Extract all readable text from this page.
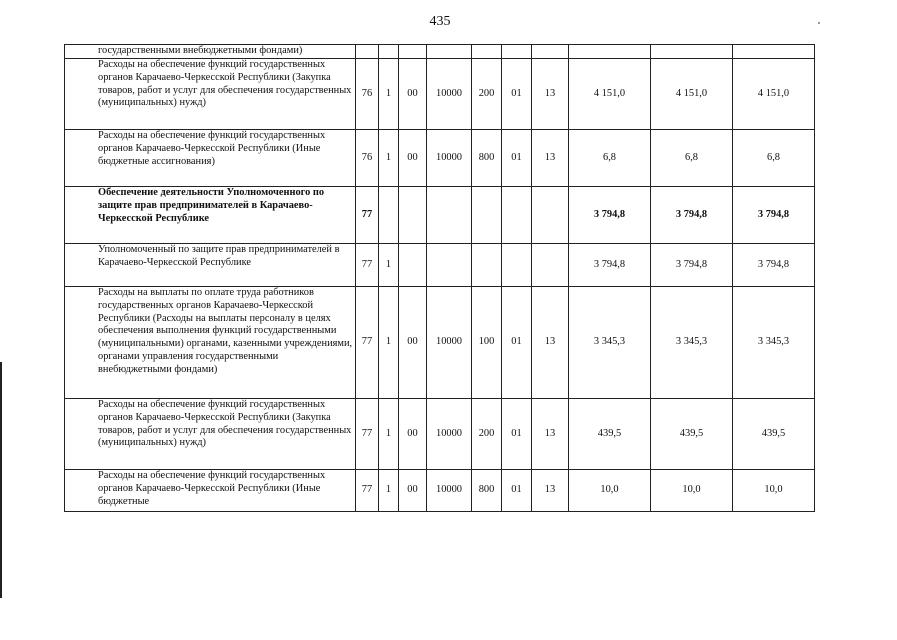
435
государственными внебюджетными фондами)										
Расходы на обеспечение функций государственных органов Карачаево-Черкесской Республики (Закупка товаров, работ и услуг для обеспечения государственных (муниципальных) нужд)	76	1	00	10000	200	01	13	4 151,0	4 151,0	4 151,0
Расходы на обеспечение функций государственных органов Карачаево-Черкесской Республики (Иные бюджетные ассигнования)	76	1	00	10000	800	01	13	6,8	6,8	6,8
Обеспечение деятельности Уполномоченного по защите прав предпринимателей в Карачаево-Черкесской Республике	77							3 794,8	3 794,8	3 794,8
Уполномоченный по защите прав предпринимателей в Карачаево-Черкесской Республике	77	1						3 794,8	3 794,8	3 794,8
Расходы на выплаты по оплате труда работников государственных органов Карачаево-Черкесской Республики (Расходы на выплаты персоналу в целях обеспечения выполнения функций государственными (муниципальными) органами, казенными учреждениями, органами управления государственными внебюджетными фондами)	77	1	00	10000	100	01	13	3 345,3	3 345,3	3 345,3
Расходы на обеспечение функций государственных органов Карачаево-Черкесской Республики (Закупка товаров, работ и услуг для обеспечения государственных (муниципальных) нужд)	77	1	00	10000	200	01	13	439,5	439,5	439,5
Расходы на обеспечение функций государственных органов Карачаево-Черкесской Республики (Иные бюджетные	77	1	00	10000	800	01	13	10,0	10,0	10,0
